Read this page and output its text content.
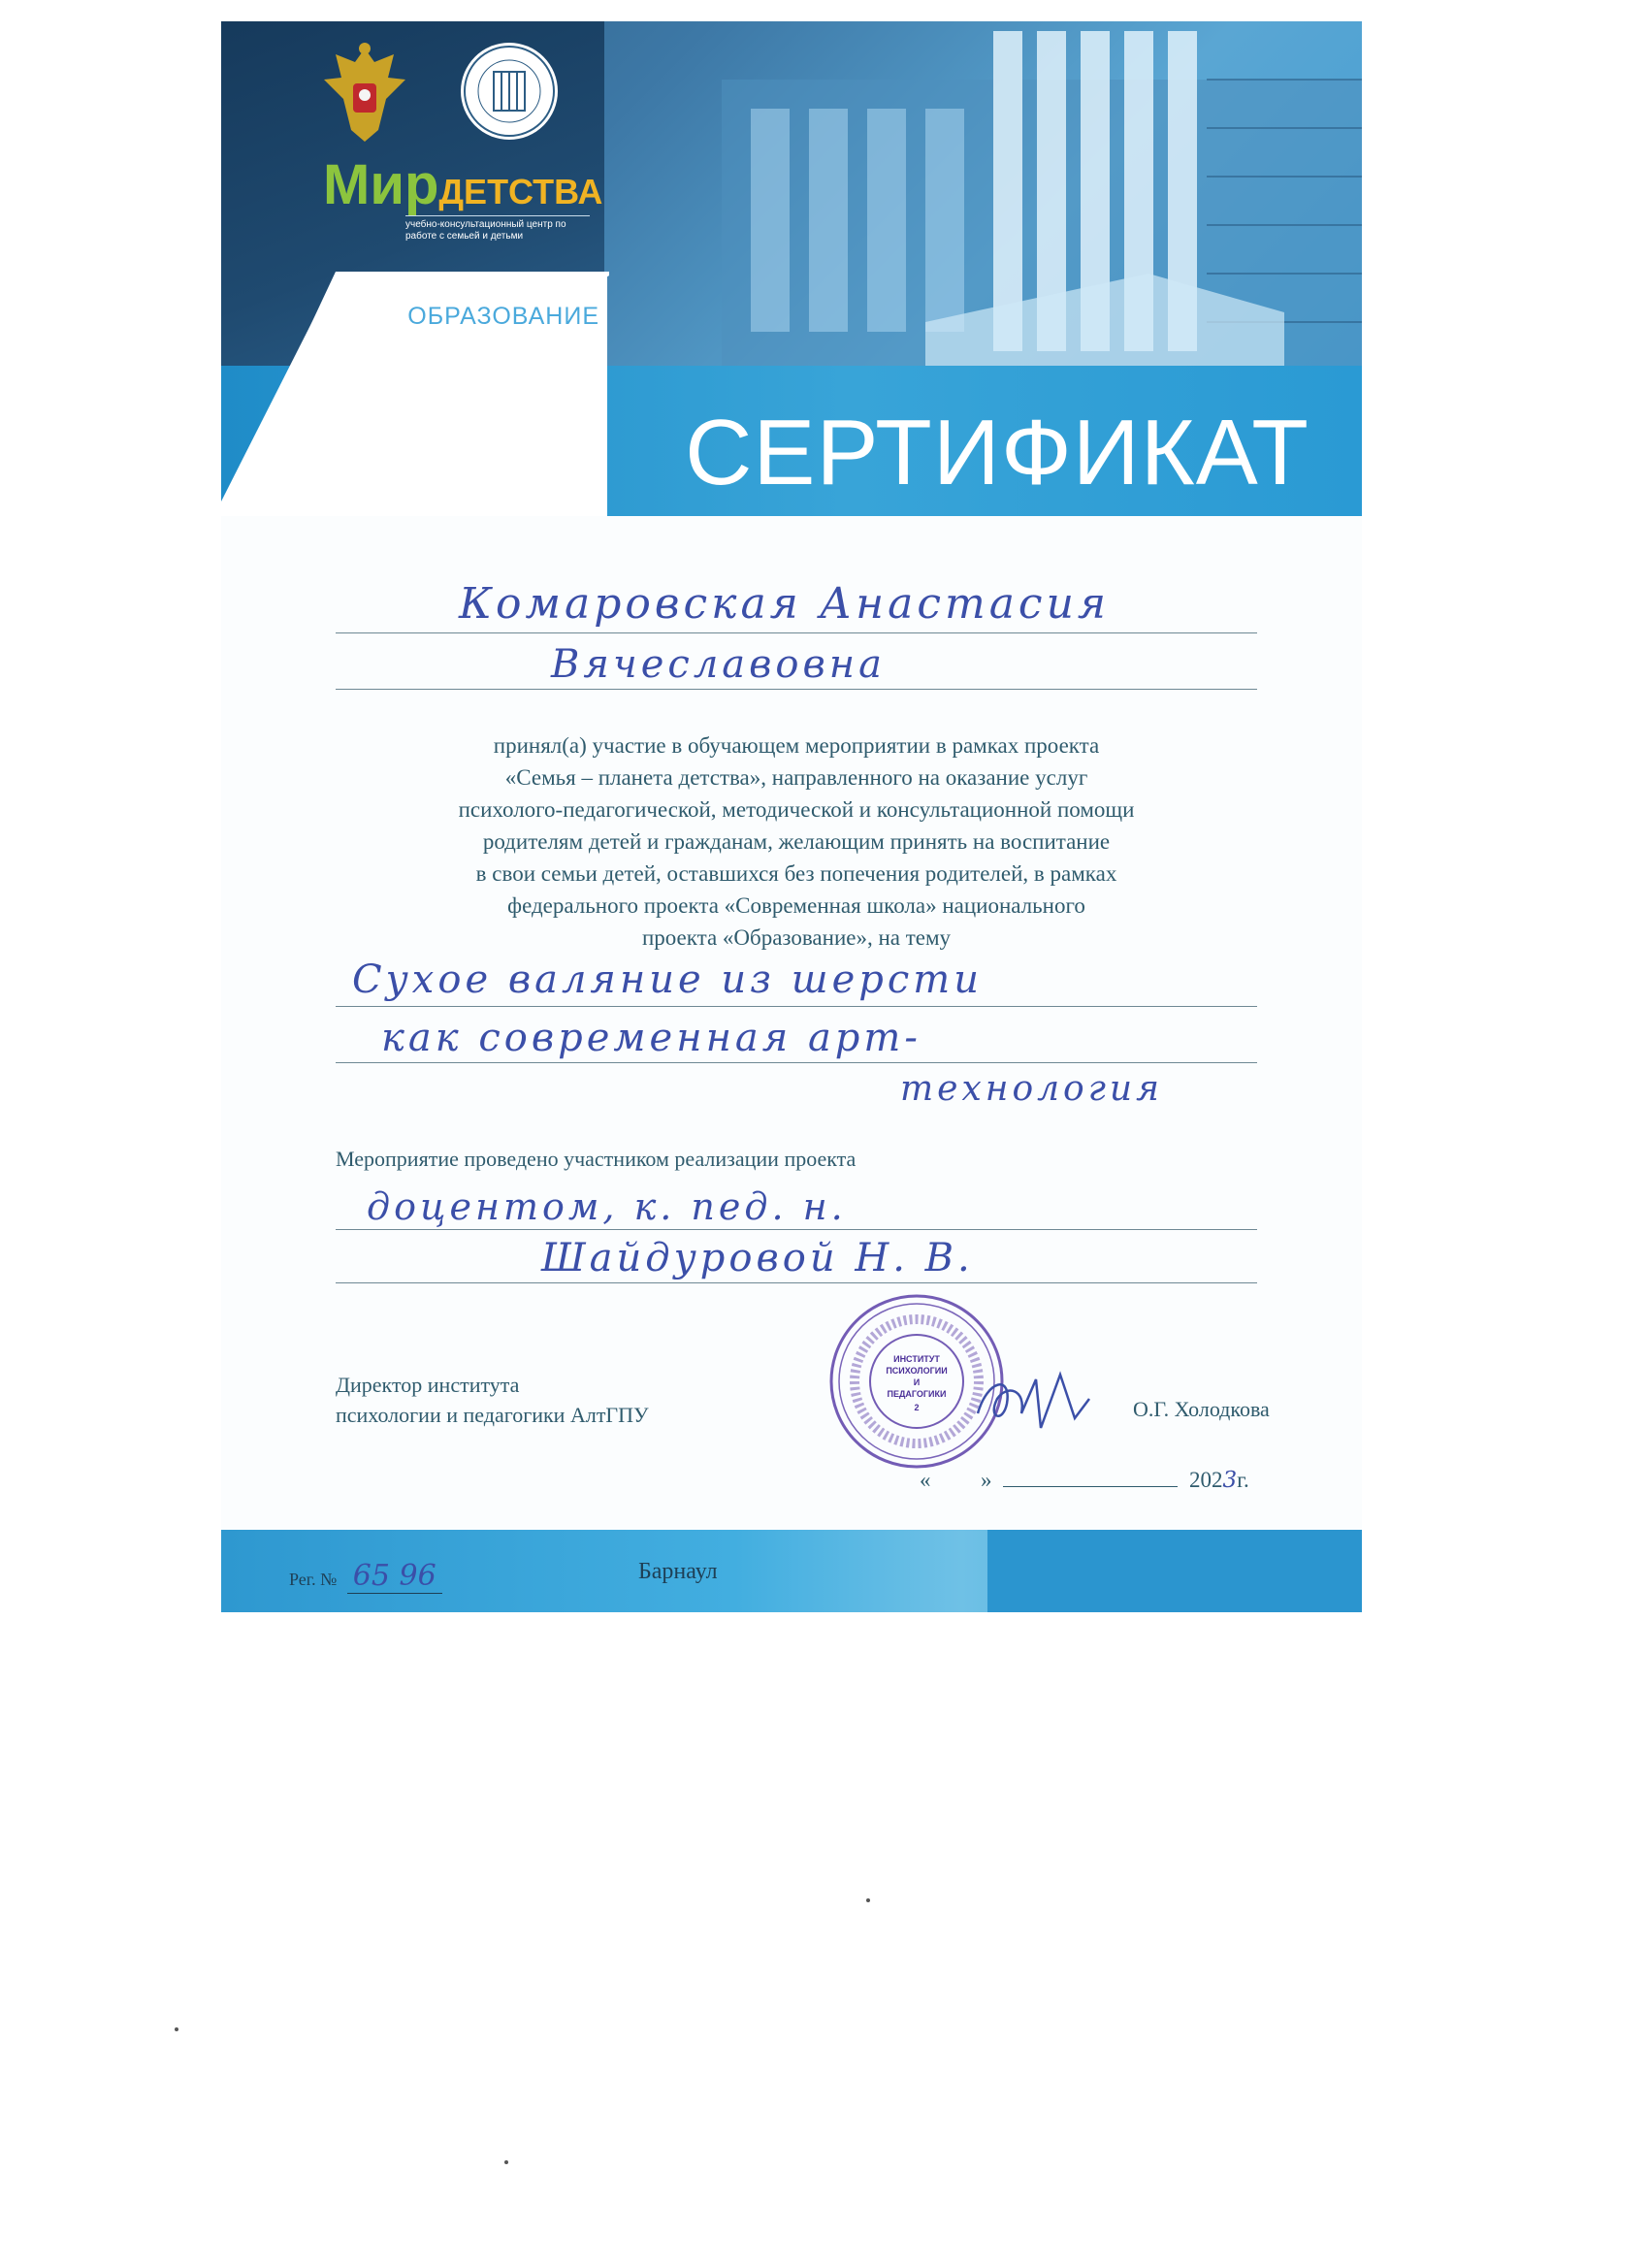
МирДЕТСТВА
учебно-консультационный центр по работе с семьей и детьми
ОБРАЗОВАНИЕ
НАЦИОНАЛЬНЫЕ
ПРОЕКТЫ
РОССИИ СЕРТИФИКАТ
Комаровская Анастасия
Вячеславовна

принял(а) участие в обучающем мероприятии в рамках проекта

«Семья – планета детства», направленного на оказание услуг

психолого-педагогической, методической и консультационной помощи

родителям детей и гражданам, желающим принять на воспитание

в свои семьи детей, оставшихся без попечения родителей, в рамках

федерального проекта «Современная школа» национального

проекта «Образование», на тему

Сухое валяние из шерсти
как современная арт-
технология
Мероприятие проведено участником реализации проекта
доцентом, к. пед. н.
Шайдуровой Н. В.

Директор института

психологии и педагогики АлтГПУ

ИНСТИТУТ
ПСИХОЛОГИИ
И
ПЕДАГОГИКИ
2	О.Г. Холодкова
« »	2023г.
Рег. № 65 96	Барнаул
